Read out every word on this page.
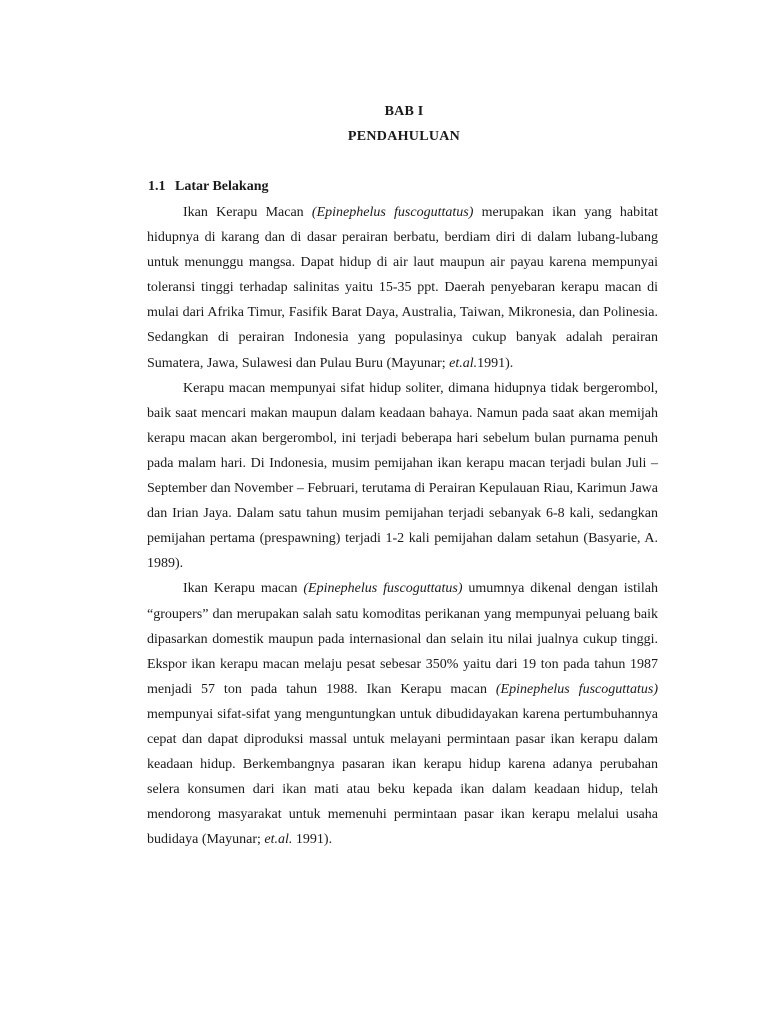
BAB I
PENDAHULUAN
1.1 Latar Belakang

Ikan Kerapu Macan (Epinephelus fuscoguttatus) merupakan ikan yang habitat hidupnya di karang dan di dasar perairan berbatu, berdiam diri di dalam lubang-lubang untuk menunggu mangsa. Dapat hidup di air laut maupun air payau karena mempunyai toleransi tinggi terhadap salinitas yaitu 15-35 ppt. Daerah penyebaran kerapu macan di mulai dari Afrika Timur, Fasifik Barat Daya, Australia, Taiwan, Mikronesia, dan Polinesia. Sedangkan di perairan Indonesia yang populasinya cukup banyak adalah perairan Sumatera, Jawa, Sulawesi dan Pulau Buru (Mayunar; et.al.1991).

Kerapu macan mempunyai sifat hidup soliter, dimana hidupnya tidak bergerombol, baik saat mencari makan maupun dalam keadaan bahaya. Namun pada saat akan memijah kerapu macan akan bergerombol, ini terjadi beberapa hari sebelum bulan purnama penuh pada malam hari. Di Indonesia, musim pemijahan ikan kerapu macan terjadi bulan Juli – September dan November – Februari, terutama di Perairan Kepulauan Riau, Karimun Jawa dan Irian Jaya. Dalam satu tahun musim pemijahan terjadi sebanyak 6-8 kali, sedangkan pemijahan pertama (prespawning) terjadi 1-2 kali pemijahan dalam setahun (Basyarie, A. 1989).

Ikan Kerapu macan (Epinephelus fuscoguttatus) umumnya dikenal dengan istilah “groupers” dan merupakan salah satu komoditas perikanan yang mempunyai peluang baik dipasarkan domestik maupun pada internasional dan selain itu nilai jualnya cukup tinggi. Ekspor ikan kerapu macan melaju pesat sebesar 350% yaitu dari 19 ton pada tahun 1987 menjadi 57 ton pada tahun 1988. Ikan Kerapu macan (Epinephelus fuscoguttatus) mempunyai sifat-sifat yang menguntungkan untuk dibudidayakan karena pertumbuhannya cepat dan dapat diproduksi massal untuk melayani permintaan pasar ikan kerapu dalam keadaan hidup. Berkembangnya pasaran ikan kerapu hidup karena adanya perubahan selera konsumen dari ikan mati atau beku kepada ikan dalam keadaan hidup, telah mendorong masyarakat untuk memenuhi permintaan pasar ikan kerapu melalui usaha budidaya (Mayunar; et.al. 1991).
